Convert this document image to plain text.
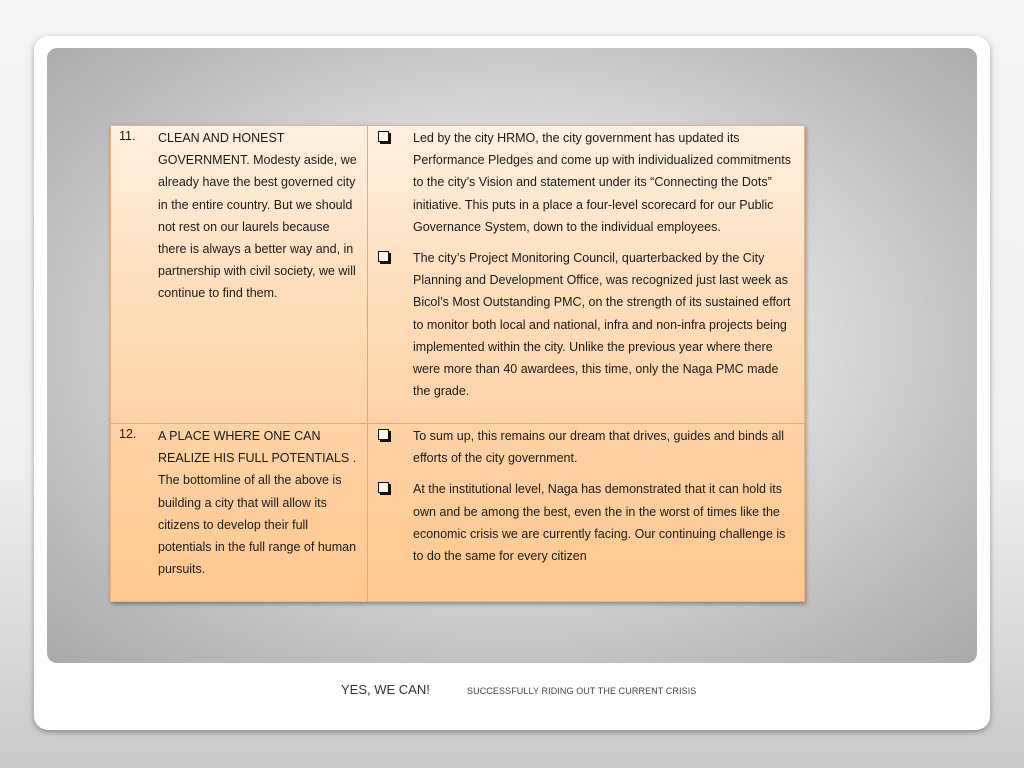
11. CLEAN AND HONEST GOVERNMENT. Modesty aside, we already have the best governed city in the entire country. But we should not rest on our laurels because there is always a better way and, in partnership with civil society, we will continue to find them.
Led by the city HRMO, the city government has updated its Performance Pledges and come up with individualized commitments to the city’s Vision and statement under its “Connecting the Dots” initiative. This puts in a place a four-level scorecard for our Public Governance System, down to the individual employees.
The city’s Project Monitoring Council, quarterbacked by the City Planning and Development Office, was recognized just last week as Bicol’s Most Outstanding PMC, on the strength of its sustained effort to monitor both local and national, infra and non-infra projects being implemented within the city. Unlike the previous year where there were more than 40 awardees, this time, only the Naga PMC made the grade.
12. A PLACE WHERE ONE CAN REALIZE HIS FULL POTENTIALS . The bottomline of all the above is building a city that will allow its citizens to develop their full potentials in the full range of human pursuits.
To sum up, this remains our dream that drives, guides and binds all efforts of the city government.
At the institutional level, Naga has demonstrated that it can hold its own and be among the best, even the in the worst of times like the economic crisis we are currently facing. Our continuing challenge is to do the same for every citizen
YES, WE CAN!	SUCCESSFULLY RIDING OUT THE CURRENT CRISIS
